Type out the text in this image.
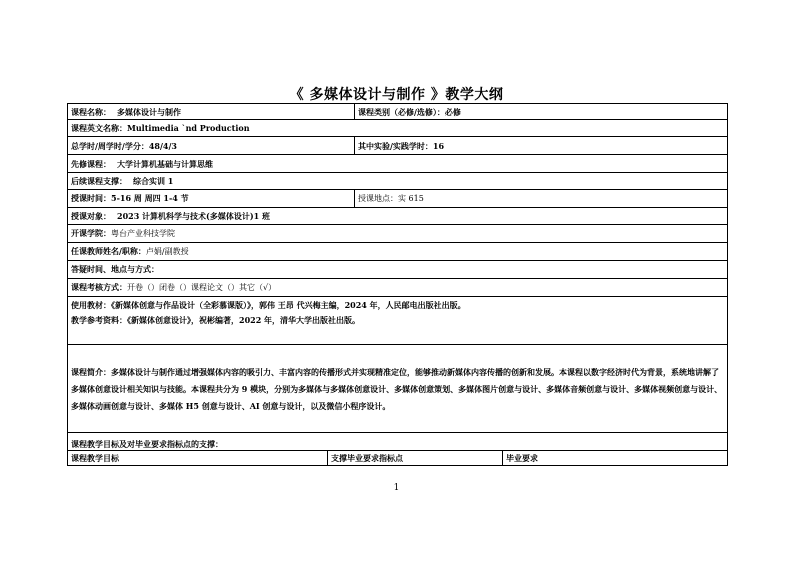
《 多媒体设计与制作 》教学大纲
课程名称： 多媒体设计与制作		课程类别（必修/选修）：必修	
课程英文名称：Multimedia `nd Production			
总学时/周学时/学分：48/4/3		其中实验/实践学时：16	
先修课程： 大学计算机基础与计算思维			
后续课程支撑： 综合实训 1			
授课时间：5-16 周 周四 1-4 节		授课地点：实 615	
授课对象： 2023 计算机科学与技术(多媒体设计)1 班			
开课学院：粤台产业科技学院			
任课教师姓名/职称：卢娟/副教授			
答疑时间、地点与方式：			
课程考核方式：开卷（）闭卷（）课程论文（）其它（√）			

使用教材：《新媒体创意与作品设计（全彩慕课版）》，郭伟 王昂 代兴梅主编，2024 年，人民邮电出版社出版。
教学参考资料：《新媒体创意设计》，祝彬编著，2022 年，清华大学出版社出版。			

课程简介：多媒体设计与制作通过增强媒体内容的吸引力、丰富内容的传播形式并实现精准定位，能够推动新媒体内容传播的创新和发展。本课程以数字经济时代为背景，系统地讲解了多媒体创意设计相关知识与技能。本课程共分为 9 模块，分别为多媒体与多媒体创意设计、多媒体创意策划、多媒体图片创意与设计、多媒体音频创意与设计、多媒体视频创意与设计、多媒体动画创意与设计、多媒体 H5 创意与设计、AI 创意与设计，以及微信小程序设计。			
课程教学目标及对毕业要求指标点的支撑：			
课程教学目标	支撑毕业要求指标点		毕业要求
1
